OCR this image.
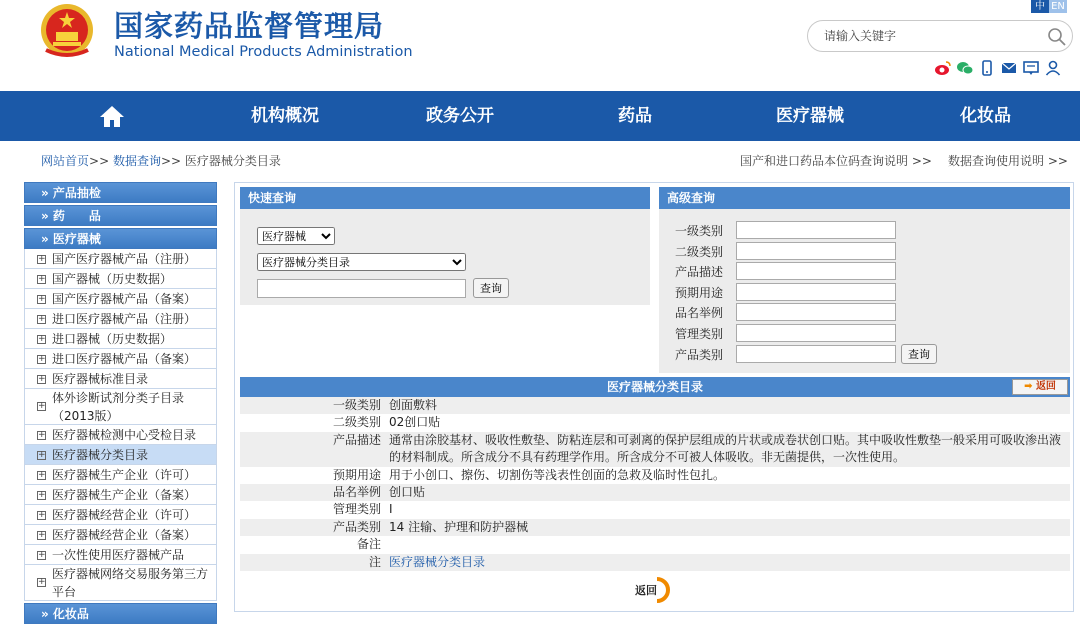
国家药品监督管理局
National Medical Products Administration
中 EN
请输入关键字
机构概况	政务公开	药品	医疗器械	化妆品
网站首页>> 数据查询>> 医疗器械分类目录	国产和进口药品本位码查询说明 >> 数据查询使用说明 >>
» 产品抽检
» 药　　品
» 医疗器械
+ 国产医疗器械产品（注册）
+ 国产器械（历史数据）
+ 国产医疗器械产品（备案）
+ 进口医疗器械产品（注册）
+ 进口器械（历史数据）
+ 进口医疗器械产品（备案）
+ 医疗器械标准目录
+
体外诊断试剂分类子目录（2013版）
+ 医疗器械检测中心受检目录
+ 医疗器械分类目录
+ 医疗器械生产企业（许可）
+ 医疗器械生产企业（备案）
+ 医疗器械经营企业（许可）
+ 医疗器械经营企业（备案）
+ 一次性使用医疗器械产品
+
医疗器械网络交易服务第三方平台
» 化妆品
快速查询
医疗器械
医疗器械分类目录
查询
高级查询
一级类别
二级类别
产品描述
预期用途
品名举例
管理类别
产品类别	查询
医疗器械分类目录	➡ 返回
一级类别	创面敷料
二级类别	02创口贴
产品描述	通常由涂胶基材、吸收性敷垫、防粘连层和可剥离的保护层组成的片状或成卷状创口贴。其中吸收性敷垫一般采用可吸收渗出液的材料制成。所含成分不具有药理学作用。所含成分不可被人体吸收。非无菌提供，一次性使用。
预期用途	用于小创口、擦伤、切割伤等浅表性创面的急救及临时性包扎。
品名举例	创口贴
管理类别	Ⅰ
产品类别	14 注输、护理和防护器械
备注	
注	医疗器械分类目录
返回
